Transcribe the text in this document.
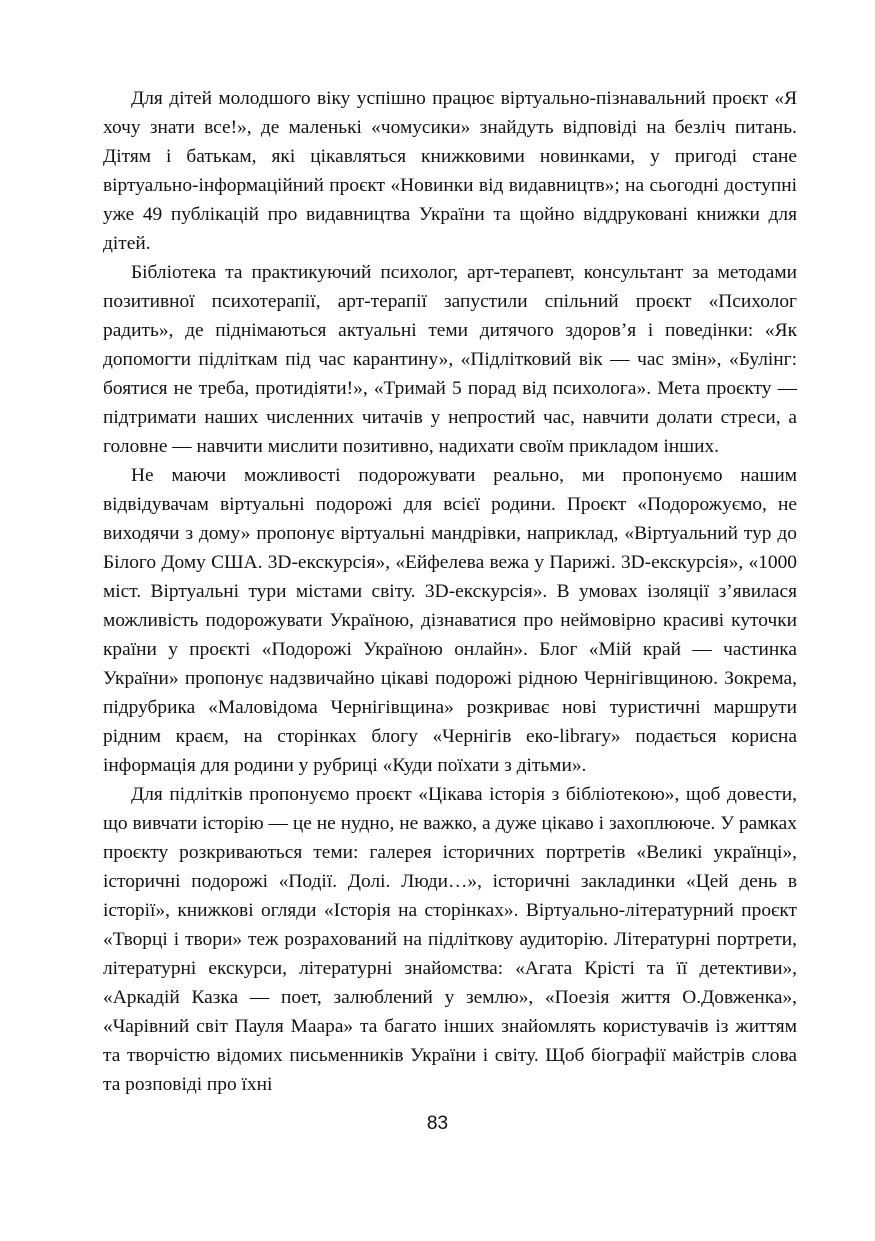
Для дітей молодшого віку успішно працює віртуально-пізнавальний проєкт «Я хочу знати все!», де маленькі «чомусики» знайдуть відповіді на безліч питань. Дітям і батькам, які цікавляться книжковими новинками, у пригоді стане віртуально-інформаційний проєкт «Новинки від видавництв»; на сьогодні доступні уже 49 публікацій про видавництва України та щойно віддруковані книжки для дітей.

Бібліотека та практикуючий психолог, арт-терапевт, консультант за методами позитивної психотерапії, арт-терапії запустили спільний проєкт «Психолог радить», де піднімаються актуальні теми дитячого здоров’я і поведінки: «Як допомогти підліткам під час карантину», «Підлітковий вік — час змін», «Булінг: боятися не треба, протидіяти!», «Тримай 5 порад від психолога». Мета проєкту — підтримати наших численних читачів у непростий час, навчити долати стреси, а головне — навчити мислити позитивно, надихати своїм прикладом інших.

Не маючи можливості подорожувати реально, ми пропонуємо нашим відвідувачам віртуальні подорожі для всієї родини. Проєкт «Подорожуємо, не виходячи з дому» пропонує віртуальні мандрівки, наприклад, «Віртуальний тур до Білого Дому США. 3D-екскурсія», «Ейфелева вежа у Парижі. 3D-екскурсія», «1000 міст. Віртуальні тури містами світу. 3D-екскурсія». В умовах ізоляції з’явилася можливість подорожувати Україною, дізнаватися про неймовірно красиві куточки країни у проєкті «Подорожі Україною онлайн». Блог «Мій край — частинка України» пропонує надзвичайно цікаві подорожі рідною Чернігівщиною. Зокрема, підрубрика «Маловідома Чернігівщина» розкриває нові туристичні маршрути рідним краєм, на сторінках блогу «Чернігів еко-library» подається корисна інформація для родини у рубриці «Куди поїхати з дітьми».

Для підлітків пропонуємо проєкт «Цікава історія з бібліотекою», щоб довести, що вивчати історію — це не нудно, не важко, а дуже цікаво і захоплююче. У рамках проєкту розкриваються теми: галерея історичних портретів «Великі українці», історичні подорожі «Події. Долі. Люди…», історичні закладинки «Цей день в історії», книжкові огляди «Історія на сторінках». Віртуально-літературний проєкт «Творці і твори» теж розрахований на підліткову аудиторію. Літературні портрети, літературні екскурси, літературні знайомства: «Агата Крісті та її детективи», «Аркадій Казка — поет, залюблений у землю», «Поезія життя О.Довженка», «Чарівний світ Пауля Маара» та багато інших знайомлять користувачів із життям та творчістю відомих письменників України і світу. Щоб біографії майстрів слова та розповіді про їхні

83
